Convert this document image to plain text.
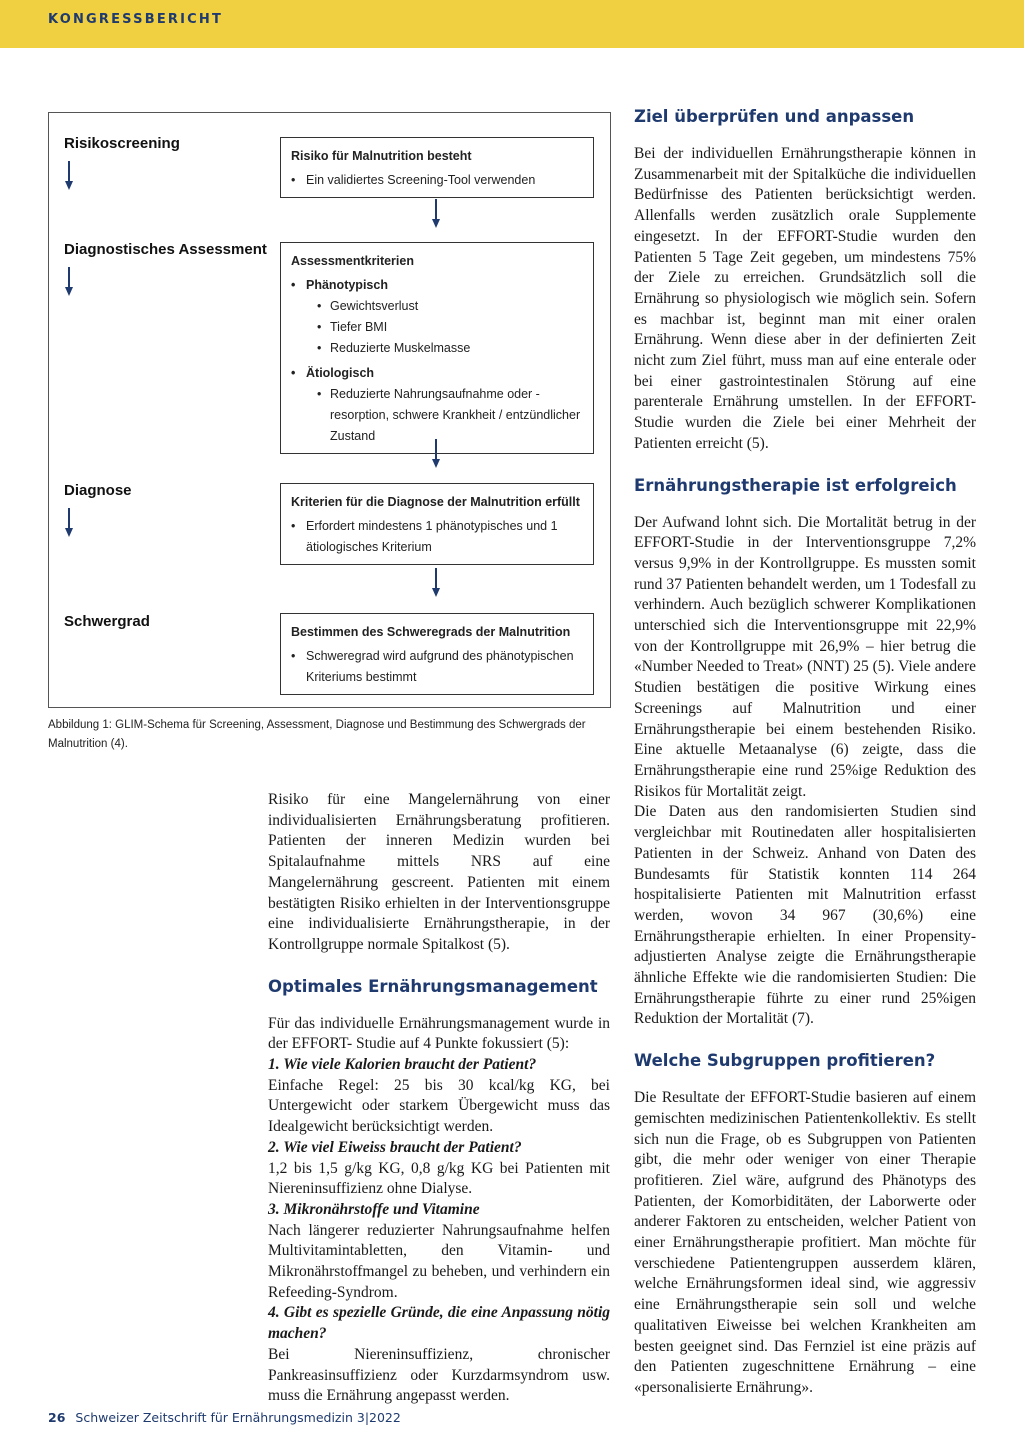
KONGRESSBERICHT
Risikoscreening
Diagnostisches Assessment
Diagnose
Schwergrad
Risiko für Malnutrition besteht
• Ein validiertes Screening-Tool verwenden
Assessmentkriterien
• Phänotypisch
• Gewichtsverlust
• Tiefer BMI
• Reduzierte Muskelmasse
• Ätiologisch
• Reduzierte Nahrungsaufnahme oder -resorption, schwere Krankheit / entzündlicher Zustand
Kriterien für die Diagnose der Malnutrition erfüllt
• Erfordert mindestens 1 phänotypisches und 1 ätiologisches Kriterium
Bestimmen des Schweregrads der Malnutrition
• Schweregrad wird aufgrund des phänotypischen Kriteriums bestimmt
Abbildung 1: GLIM-Schema für Screening, Assessment, Diagnose und Bestimmung des Schwergrads der Malnutrition (4).

Risiko für eine Mangelernährung von einer individualisierten Ernährungsberatung profitieren. Patienten der inneren Medizin wurden bei Spitalaufnahme mittels NRS auf eine Mangelernährung gescreent. Patienten mit einem bestätigten Risiko erhielten in der Interventionsgruppe eine individualisierte Ernährungstherapie, in der Kontrollgruppe normale Spitalkost (5).

Optimales Ernährungsmanagement

Für das individuelle Ernährungsmanagement wurde in der EFFORT- Studie auf 4 Punkte fokussiert (5):

1. Wie viele Kalorien braucht der Patient?

Einfache Regel: 25 bis 30 kcal/kg KG, bei Untergewicht oder starkem Übergewicht muss das Idealgewicht berücksichtigt werden.

2. Wie viel Eiweiss braucht der Patient?

1,2 bis 1,5 g/kg KG, 0,8 g/kg KG bei Patienten mit Niereninsuffizienz ohne Dialyse.

3. Mikronährstoffe und Vitamine

Nach längerer reduzierter Nahrungsaufnahme helfen Multivitamintabletten, den Vitamin- und Mikronährstoffmangel zu beheben, und verhindern ein Refeeding-Syndrom.

4. Gibt es spezielle Gründe, die eine Anpassung nötig machen?

Bei Niereninsuffizienz, chronischer Pankreasinsuffizienz oder Kurzdarmsyndrom usw. muss die Ernährung angepasst werden.

Ziel überprüfen und anpassen

Bei der individuellen Ernährungstherapie können in Zusammenarbeit mit der Spitalküche die individuellen Bedürfnisse des Patienten berücksichtigt werden. Allenfalls werden zusätzlich orale Supplemente eingesetzt. In der EFFORT-Studie wurden den Patienten 5 Tage Zeit gegeben, um mindestens 75% der Ziele zu erreichen. Grundsätzlich soll die Ernährung so physiologisch wie möglich sein. Sofern es machbar ist, beginnt man mit einer oralen Ernährung. Wenn diese aber in der definierten Zeit nicht zum Ziel führt, muss man auf eine enterale oder bei einer gastrointestinalen Störung auf eine parenterale Ernährung umstellen. In der EFFORT-Studie wurden die Ziele bei einer Mehrheit der Patienten erreicht (5).

Ernährungstherapie ist erfolgreich

Der Aufwand lohnt sich. Die Mortalität betrug in der EFFORT-Studie in der Interventionsgruppe 7,2% versus 9,9% in der Kontrollgruppe. Es mussten somit rund 37 Patienten behandelt werden, um 1 Todesfall zu verhindern. Auch bezüglich schwerer Komplikationen unterschied sich die Interventionsgruppe mit 22,9% von der Kontrollgruppe mit 26,9% – hier betrug die «Number Needed to Treat» (NNT) 25 (5). Viele andere Studien bestätigen die positive Wirkung eines Screenings auf Malnutrition und einer Ernährungstherapie bei einem bestehenden Risiko. Eine aktuelle Metaanalyse (6) zeigte, dass die Ernährungstherapie eine rund 25%ige Reduktion des Risikos für Mortalität zeigt.

Die Daten aus den randomisierten Studien sind vergleichbar mit Routinedaten aller hospitalisierten Patienten in der Schweiz. Anhand von Daten des Bundesamts für Statistik konnten 114 264 hospitalisierte Patienten mit Malnutrition erfasst werden, wovon 34 967 (30,6%) eine Ernährungstherapie erhielten. In einer Propensity-adjustierten Analyse zeigte die Ernährungstherapie ähnliche Effekte wie die randomisierten Studien: Die Ernährungstherapie führte zu einer rund 25%igen Reduktion der Mortalität (7).

Welche Subgruppen profitieren?

Die Resultate der EFFORT-Studie basieren auf einem gemischten medizinischen Patientenkollektiv. Es stellt sich nun die Frage, ob es Subgruppen von Patienten gibt, die mehr oder weniger von einer Therapie profitieren. Ziel wäre, aufgrund des Phänotyps des Patienten, der Komorbiditäten, der Laborwerte oder anderer Faktoren zu entscheiden, welcher Patient von einer Ernährungstherapie profitiert. Man möchte für verschiedene Patientengruppen ausserdem klären, welche Ernährungsformen ideal sind, wie aggressiv eine Ernährungstherapie sein soll und welche qualitativen Eiweisse bei welchen Krankheiten am besten geeignet sind. Das Fernziel ist eine präzis auf den Patienten zugeschnittene Ernährung – eine «personalisierte Ernährung».

26 Schweizer Zeitschrift für Ernährungsmedizin 3|2022
